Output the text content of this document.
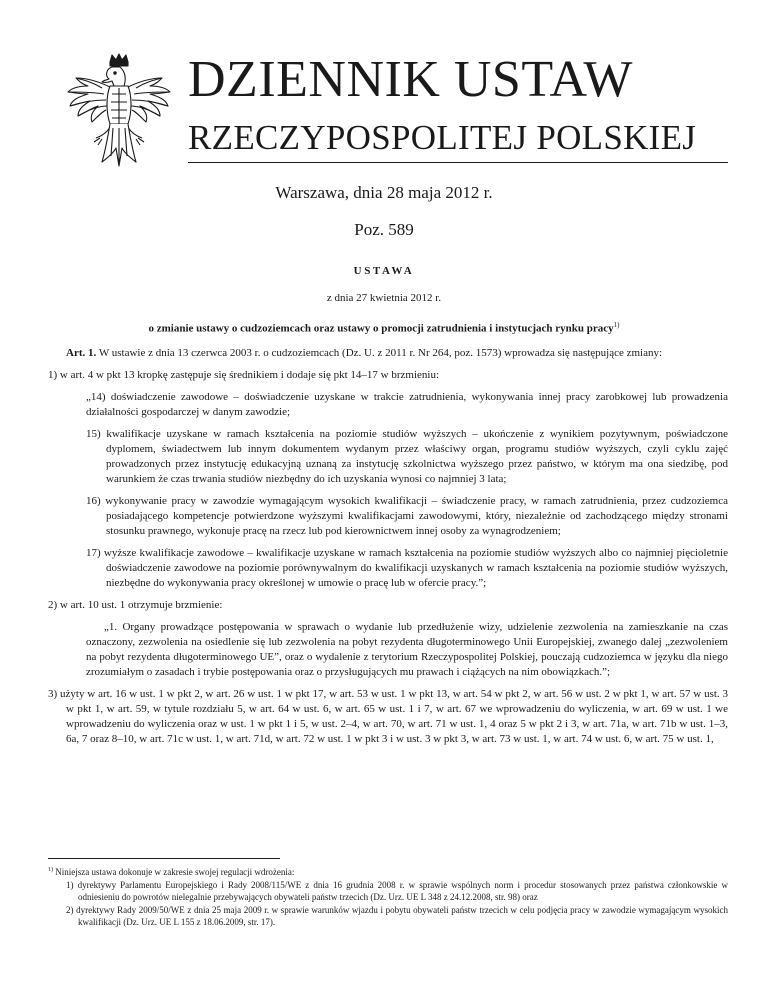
DZIENNIK USTAW
RZECZYPOSPOLITEJ POLSKIEJ
Warszawa, dnia 28 maja 2012 r.
Poz. 589
USTAWA
z dnia 27 kwietnia 2012 r.
o zmianie ustawy o cudzoziemcach oraz ustawy o promocji zatrudnienia i instytucjach rynku pracy$^{1)}$

Art. 1. W ustawie z dnia 13 czerwca 2003 r. o cudzoziemcach (Dz. U. z 2011 r. Nr 264, poz. 1573) wprowadza się następujące zmiany:

1) w art. 4 w pkt 13 kropkę zastępuje się średnikiem i dodaje się pkt 14–17 w brzmieniu:

„14) doświadczenie zawodowe – doświadczenie uzyskane w trakcie zatrudnienia, wykonywania innej pracy zarobkowej lub prowadzenia działalności gospodarczej w danym zawodzie;

15) kwalifikacje uzyskane w ramach kształcenia na poziomie studiów wyższych – ukończenie z wynikiem pozytywnym, poświadczone dyplomem, świadectwem lub innym dokumentem wydanym przez właściwy organ, programu studiów wyższych, czyli cyklu zajęć prowadzonych przez instytucję edukacyjną uznaną za instytucję szkolnictwa wyższego przez państwo, w którym ma ona siedzibę, pod warunkiem że czas trwania studiów niezbędny do ich uzyskania wynosi co najmniej 3 lata;

16) wykonywanie pracy w zawodzie wymagającym wysokich kwalifikacji – świadczenie pracy, w ramach zatrudnienia, przez cudzoziemca posiadającego kompetencje potwierdzone wyższymi kwalifikacjami zawodowymi, który, niezależnie od zachodzącego między stronami stosunku prawnego, wykonuje pracę na rzecz lub pod kierownictwem innej osoby za wynagrodzeniem;

17) wyższe kwalifikacje zawodowe – kwalifikacje uzyskane w ramach kształcenia na poziomie studiów wyższych albo co najmniej pięcioletnie doświadczenie zawodowe na poziomie porównywalnym do kwalifikacji uzyskanych w ramach kształcenia na poziomie studiów wyższych, niezbędne do wykonywania pracy określonej w umowie o pracę lub w ofercie pracy.”;

2) w art. 10 ust. 1 otrzymuje brzmienie:

„1. Organy prowadzące postępowania w sprawach o wydanie lub przedłużenie wizy, udzielenie zezwolenia na zamieszkanie na czas oznaczony, zezwolenia na osiedlenie się lub zezwolenia na pobyt rezydenta długoterminowego Unii Europejskiej, zwanego dalej „zezwoleniem na pobyt rezydenta długoterminowego UE”, oraz o wydalenie z terytorium Rzeczypospolitej Polskiej, pouczają cudzoziemca w języku dla niego zrozumiałym o zasadach i trybie postępowania oraz o przysługujących mu prawach i ciążących na nim obowiązkach.”;

3) użyty w art. 16 w ust. 1 w pkt 2, w art. 26 w ust. 1 w pkt 17, w art. 53 w ust. 1 w pkt 13, w art. 54 w pkt 2, w art. 56 w ust. 2 w pkt 1, w art. 57 w ust. 3 w pkt 1, w art. 59, w tytule rozdziału 5, w art. 64 w ust. 6, w art. 65 w ust. 1 i 7, w art. 67 we wprowadzeniu do wyliczenia, w art. 69 w ust. 1 we wprowadzeniu do wyliczenia oraz w ust. 1 w pkt 1 i 5, w ust. 2–4, w art. 70, w art. 71 w ust. 1, 4 oraz 5 w pkt 2 i 3, w art. 71a, w art. 71b w ust. 1–3, 6a, 7 oraz 8–10, w art. 71c w ust. 1, w art. 71d, w art. 72 w ust. 1 w pkt 3 i w ust. 3 w pkt 3, w art. 73 w ust. 1, w art. 74 w ust. 6, w art. 75 w ust. 1,

$^{1)}$ Niniejsza ustawa dokonuje w zakresie swojej regulacji wdrożenia:

1) dyrektywy Parlamentu Europejskiego i Rady 2008/115/WE z dnia 16 grudnia 2008 r. w sprawie wspólnych norm i procedur stosowanych przez państwa członkowskie w odniesieniu do powrotów nielegalnie przebywających obywateli państw trzecich (Dz. Urz. UE L 348 z 24.12.2008, str. 98) oraz

2) dyrektywy Rady 2009/50/WE z dnia 25 maja 2009 r. w sprawie warunków wjazdu i pobytu obywateli państw trzecich w celu podjęcia pracy w zawodzie wymagającym wysokich kwalifikacji (Dz. Urz. UE L 155 z 18.06.2009, str. 17).
